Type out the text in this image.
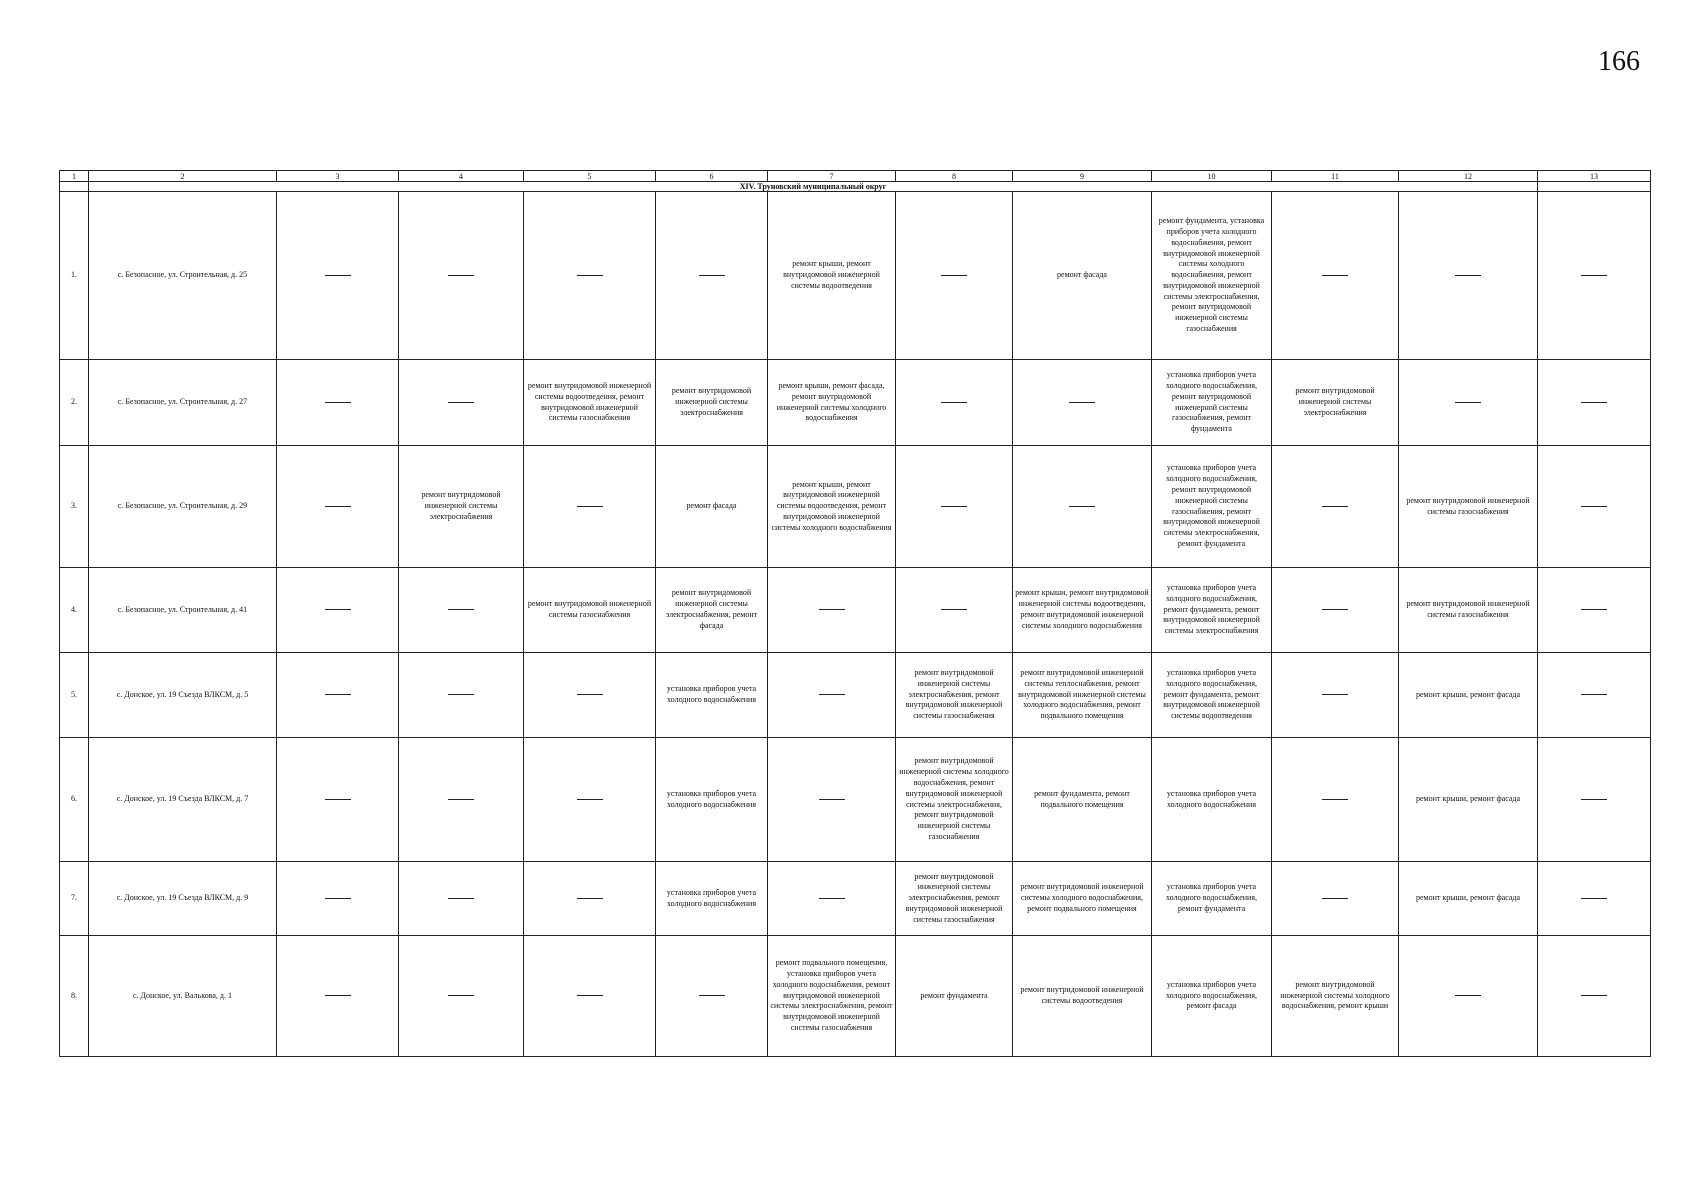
166
1	2	3	4	5	6	7	8	9	10	11	12	13
	XIV. Труновский муниципальный округ											
1.	с. Безопасное, ул. Строительная, д. 25					ремонт крыши, ремонт внутридомовой инженерной системы водоотведения		ремонт фасада	ремонт фундамента, установка приборов учета холодного водоснабжения, ремонт внутридомовой инженерной системы холодного водоснабжения, ремонт внутридомовой инженерной системы электроснабжения, ремонт внутридомовой инженерной системы газоснабжения			
2.	с. Безопасное, ул. Строительная, д. 27			ремонт внутридомовой инженерной системы водоотведения, ремонт внутридомовой инженерной системы газоснабжения	ремонт внутридомовой инженерной системы электроснабжения	ремонт крыши, ремонт фасада, ремонт внутридомовой инженерной системы холодного водоснабжения			установка приборов учета холодного водоснабжения, ремонт внутридомовой инженерной системы газоснабжения, ремонт фундамента	ремонт внутридомовой инженерной системы электроснабжения		
3.	с. Безопасное, ул. Строительная, д. 29		ремонт внутридомовой инженерной системы электроснабжения		ремонт фасада	ремонт крыши, ремонт внутридомовой инженерной системы водоотведения, ремонт внутридомовой инженерной системы холодного водоснабжения			установка приборов учета холодного водоснабжения, ремонт внутридомовой инженерной системы газоснабжения, ремонт внутридомовой инженерной системы электроснабжения, ремонт фундамента		ремонт внутридомовой инженерной системы газоснабжения	
4.	с. Безопасное, ул. Строительная, д. 41			ремонт внутридомовой инженерной системы газоснабжения	ремонт внутридомовой инженерной системы электроснабжения, ремонт фасада			ремонт крыши, ремонт внутридомовой инженерной системы водоотведения, ремонт внутридомовой инженерной системы холодного водоснабжения	установка приборов учета холодного водоснабжения, ремонт фундамента, ремонт внутридомовой инженерной системы электроснабжения		ремонт внутридомовой инженерной системы газоснабжения	
5.	с. Донское, ул. 19 Съезда ВЛКСМ, д. 5				установка приборов учета холодного водоснабжения		ремонт внутридомовой инженерной системы электроснабжения, ремонт внутридомовой инженерной системы газоснабжения	ремонт внутридомовой инженерной системы теплоснабжения, ремонт внутридомовой инженерной системы холодного водоснабжения, ремонт подвального помещения	установка приборов учета холодного водоснабжения, ремонт фундамента, ремонт внутридомовой инженерной системы водоотведения		ремонт крыши, ремонт фасада	
6.	с. Донское, ул. 19 Съезда ВЛКСМ, д. 7				установка приборов учета холодного водоснабжения		ремонт внутридомовой инженерной системы холодного водоснабжения, ремонт внутридомовой инженерной системы электроснабжения, ремонт внутридомовой инженерной системы газоснабжения	ремонт фундамента, ремонт подвального помещения	установка приборов учета холодного водоснабжения		ремонт крыши, ремонт фасада	
7.	с. Донское, ул. 19 Съезда ВЛКСМ, д. 9				установка приборов учета холодного водоснабжения		ремонт внутридомовой инженерной системы электроснабжения, ремонт внутридомовой инженерной системы газоснабжения	ремонт внутридомовой инженерной системы холодного водоснабжения, ремонт подвального помещения	установка приборов учета холодного водоснабжения, ремонт фундамента		ремонт крыши, ремонт фасада	
8.	с. Донское, ул. Валькова, д. 1					ремонт подвального помещения, установка приборов учета холодного водоснабжения, ремонт внутридомовой инженерной системы электроснабжения, ремонт внутридомовой инженерной системы газоснабжения	ремонт фундамента	ремонт внутридомовой инженерной системы водоотведения	установка приборов учета холодного водоснабжения, ремонт фасада	ремонт внутридомовой инженерной системы холодного водоснабжения, ремонт крыши		
